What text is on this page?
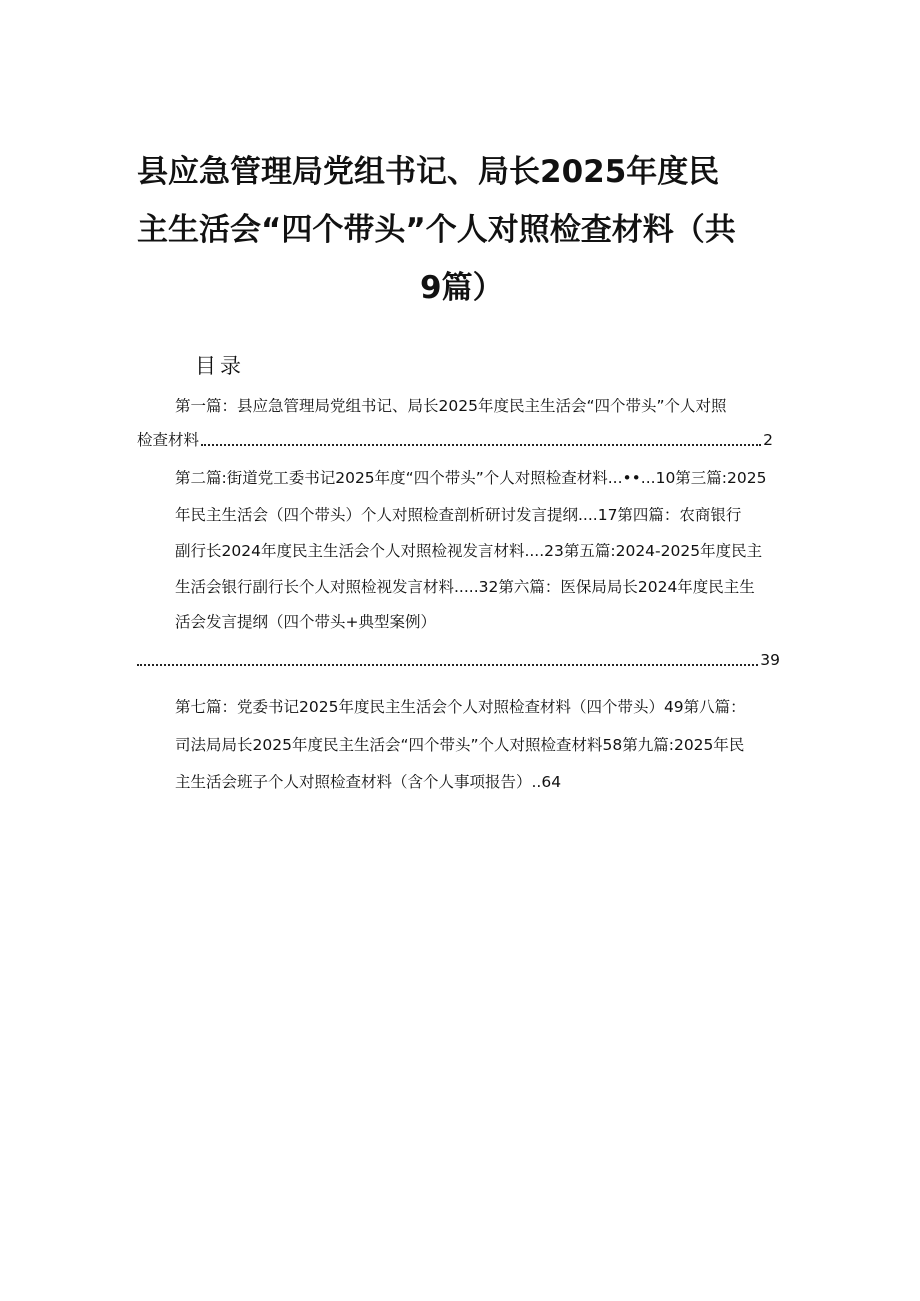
县应急管理局党组书记、局长2025年度民
主生活会“四个带头”个人对照检查材料（共
9篇）
目录
第一篇：县应急管理局党组书记、局长2025年度民主生活会“四个带头”个人对照
检查材料	2
第二篇:街道党工委书记2025年度“四个带头”个人对照检查材料...••...10第三篇:2025
年民主生活会（四个带头）个人对照检查剖析研讨发言提纲....17第四篇：农商银行
副行长2024年度民主生活会个人对照检视发言材料....23第五篇:2024-2025年度民主
生活会银行副行长个人对照检视发言材料.....32第六篇：医保局局长2024年度民主生
活会发言提纲（四个带头+典型案例）
39
第七篇：党委书记2025年度民主生活会个人对照检查材料（四个带头）49第八篇：
司法局局长2025年度民主生活会“四个带头”个人对照检查材料58第九篇:2025年民
主生活会班子个人对照检查材料（含个人事项报告）..64
